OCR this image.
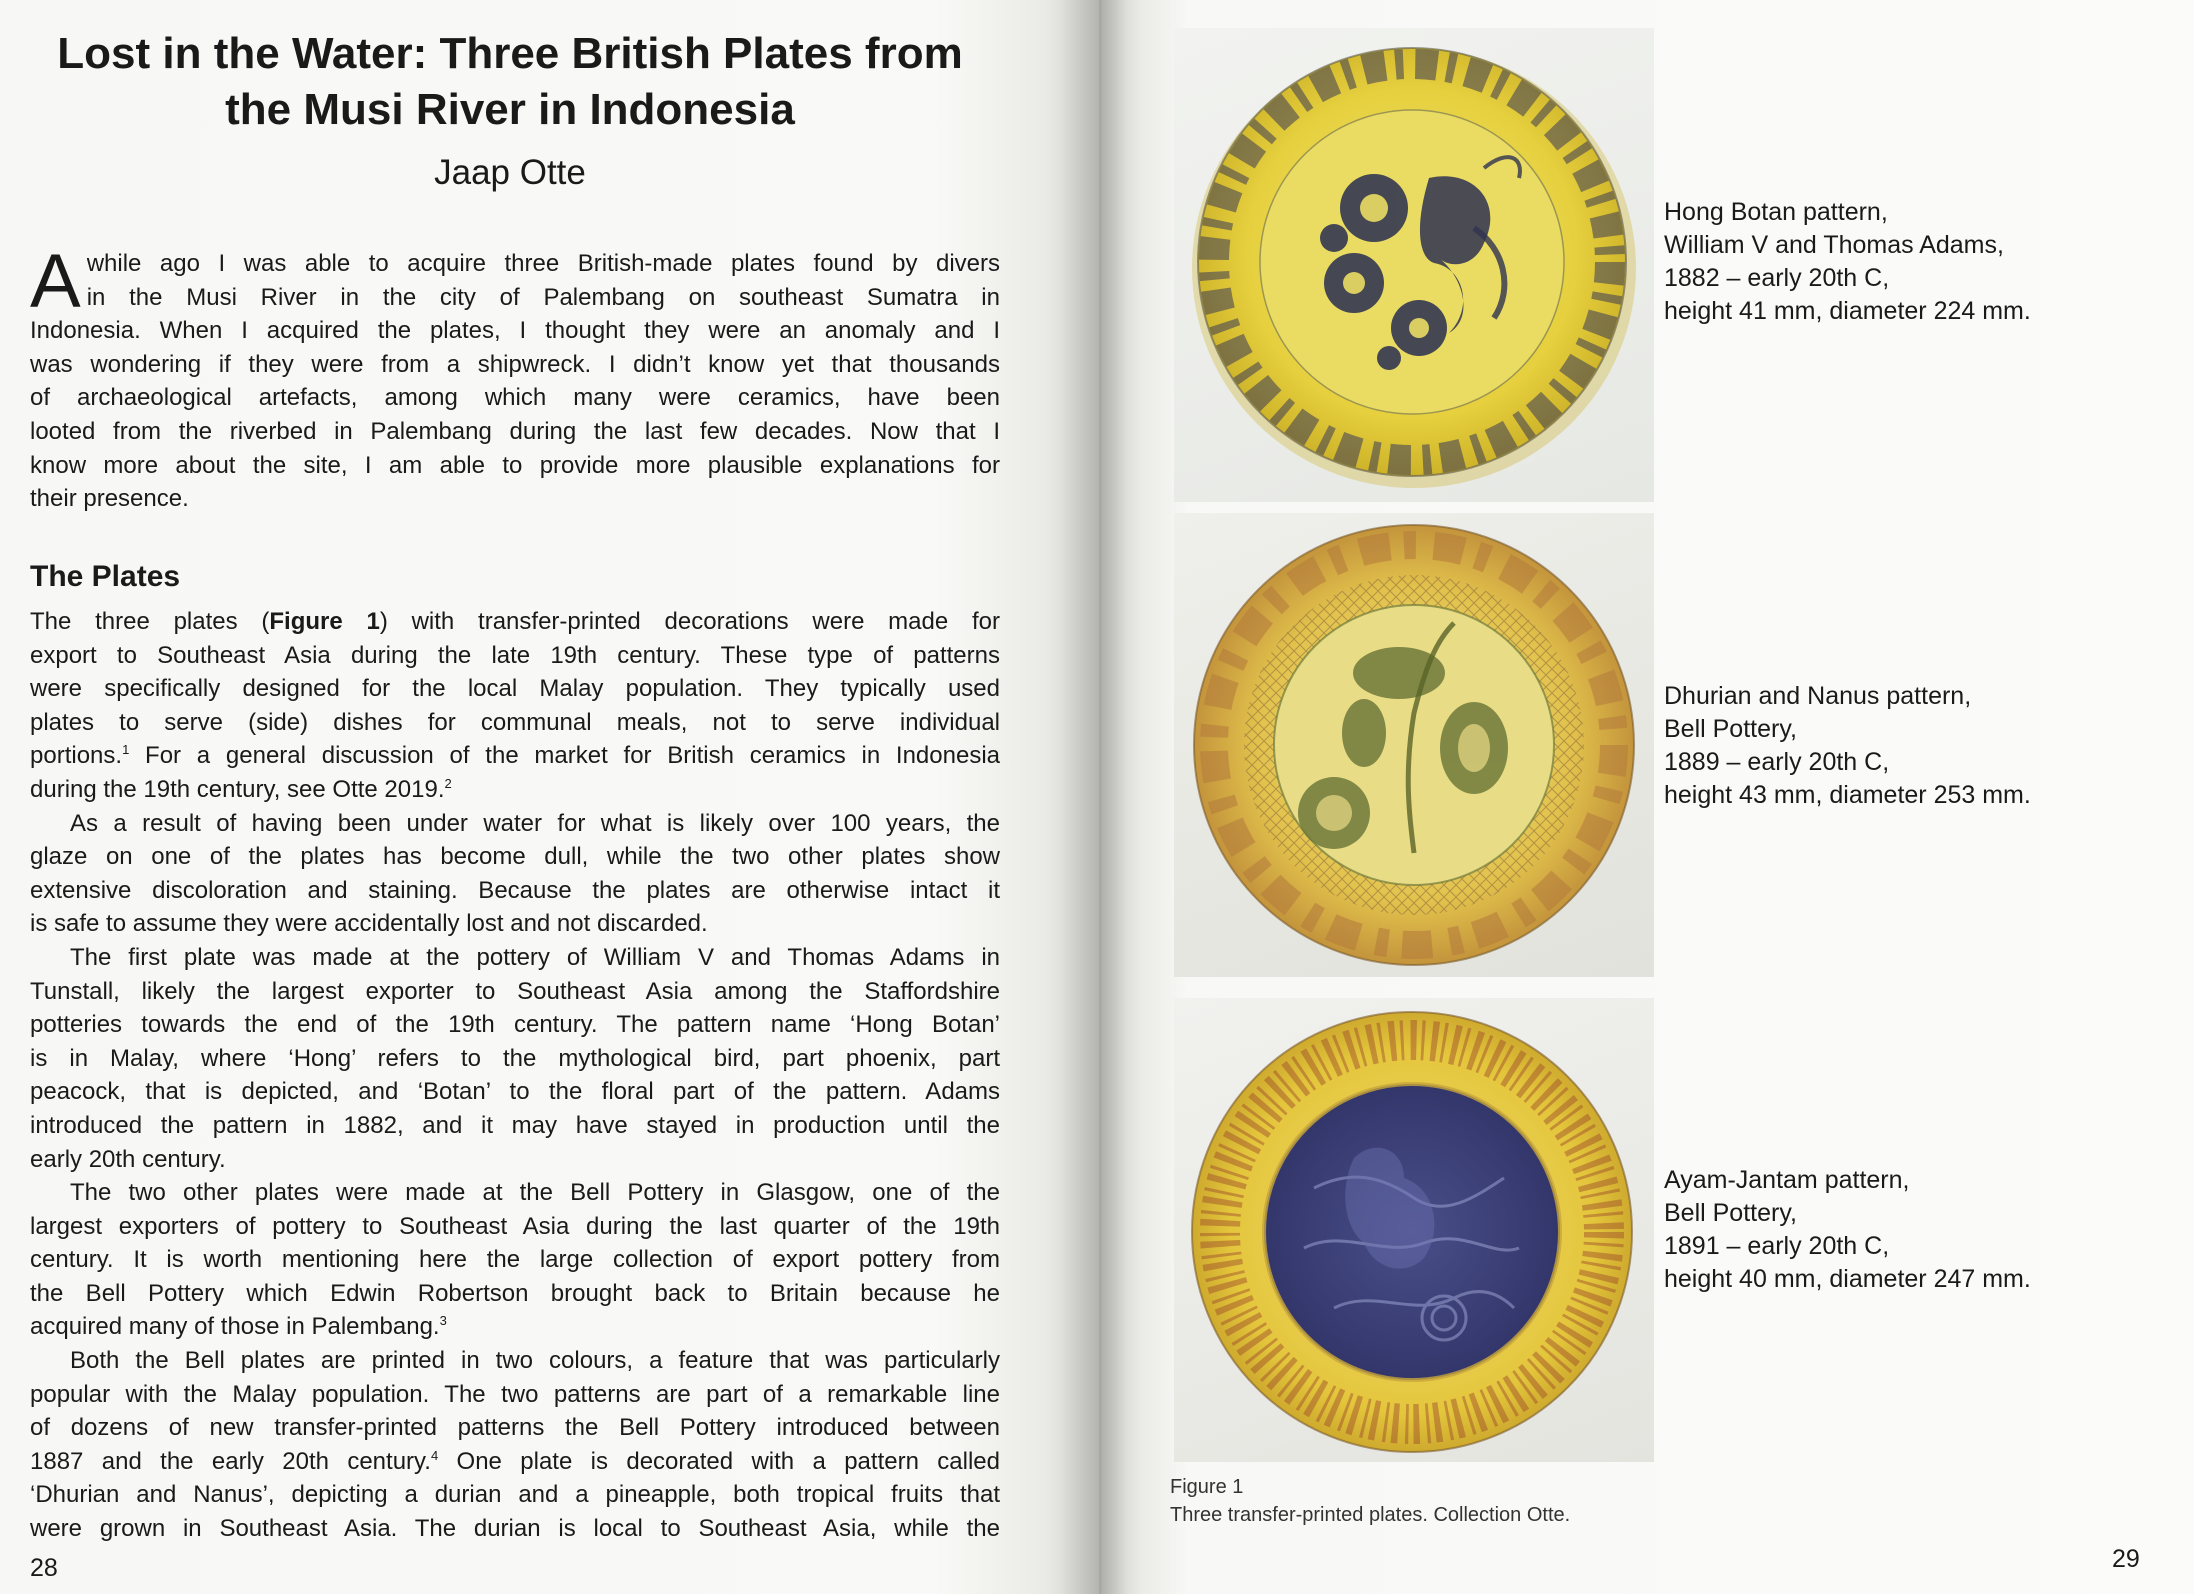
Lost in the Water: Three British Plates from
the Musi River in Indonesia
Jaap Otte
A while ago I was able to acquire three British-made plates found by divers
in the Musi River in the city of Palembang on southeast Sumatra in
Indonesia. When I acquired the plates, I thought they were an anomaly and I
was wondering if they were from a shipwreck. I didn’t know yet that thousands
of archaeological artefacts, among which many were ceramics, have been
looted from the riverbed in Palembang during the last few decades. Now that I
know more about the site, I am able to provide more plausible explanations for
their presence.
The Plates
The three plates (Figure 1) with transfer-printed decorations were made for
export to Southeast Asia during the late 19th century. These type of patterns
were specifically designed for the local Malay population. They typically used
plates to serve (side) dishes for communal meals, not to serve individual
portions.$^1$ For a general discussion of the market for British ceramics in Indonesia
during the 19th century, see Otte 2019.$^2$
As a result of having been under water for what is likely over 100 years, the
glaze on one of the plates has become dull, while the two other plates show
extensive discoloration and staining. Because the plates are otherwise intact it
is safe to assume they were accidentally lost and not discarded.
The first plate was made at the pottery of William V and Thomas Adams in
Tunstall, likely the largest exporter to Southeast Asia among the Staffordshire
potteries towards the end of the 19th century. The pattern name ‘Hong Botan’
is in Malay, where ‘Hong’ refers to the mythological bird, part phoenix, part
peacock, that is depicted, and ‘Botan’ to the floral part of the pattern. Adams
introduced the pattern in 1882, and it may have stayed in production until the
early 20th century.
The two other plates were made at the Bell Pottery in Glasgow, one of the
largest exporters of pottery to Southeast Asia during the last quarter of the 19th
century. It is worth mentioning here the large collection of export pottery from
the Bell Pottery which Edwin Robertson brought back to Britain because he
acquired many of those in Palembang.$^3$
Both the Bell plates are printed in two colours, a feature that was particularly
popular with the Malay population. The two patterns are part of a remarkable line
of dozens of new transfer-printed patterns the Bell Pottery introduced between
1887 and the early 20th century.$^4$ One plate is decorated with a pattern called
‘Dhurian and Nanus’, depicting a durian and a pineapple, both tropical fruits that
were grown in Southeast Asia. The durian is local to Southeast Asia, while the
28
Hong Botan pattern,
William V and Thomas Adams,
1882 – early 20th C,
height 41 mm, diameter 224 mm.
Dhurian and Nanus pattern,
Bell Pottery,
1889 – early 20th C,
height 43 mm, diameter 253 mm.
Ayam-Jantam pattern,
Bell Pottery,
1891 – early 20th C,
height 40 mm, diameter 247 mm.
Figure 1
Three transfer-printed plates. Collection Otte.
29
